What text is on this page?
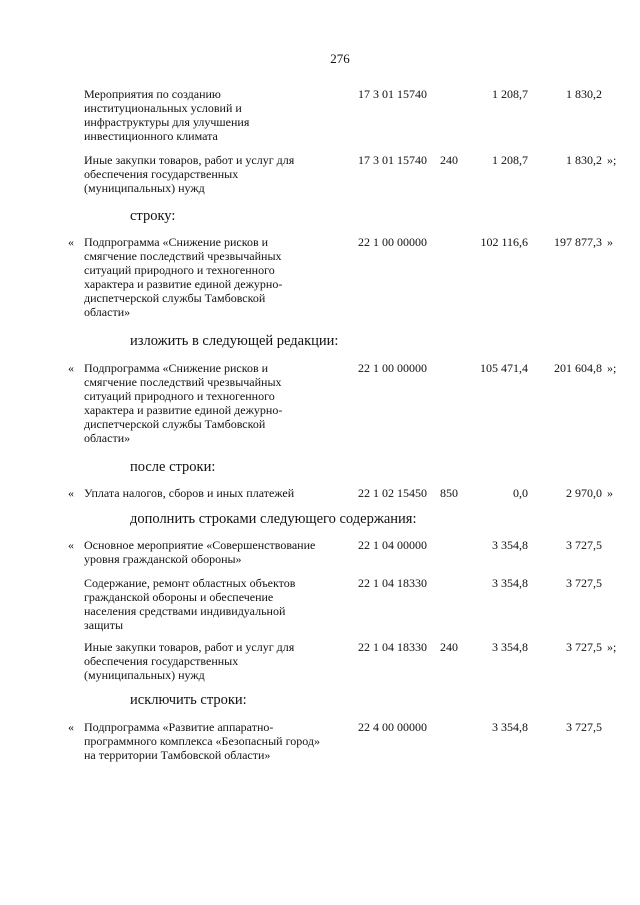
276
Мероприятия по созданию институциональных условий и инфраструктуры для улучшения инвестиционного климата
17 3 01 15740	1 208,7	1 830,2
Иные закупки товаров, работ и услуг для обеспечения государственных (муниципальных) нужд
17 3 01 15740 240	1 208,7	1 830,2 »;
строку:
« Подпрограмма «Снижение рисков и смягчение последствий чрезвычайных ситуаций природного и техногенного характера и развитие единой дежурно-диспетчерской службы Тамбовской области»
22 1 00 00000	102 116,6 197 877,3 »
изложить в следующей редакции:
« Подпрограмма «Снижение рисков и смягчение последствий чрезвычайных ситуаций природного и техногенного характера и развитие единой дежурно-диспетчерской службы Тамбовской области»
22 1 00 00000	105 471,4 201 604,8 »;
после строки:
« Уплата налогов, сборов и иных платежей	22 1 02 15450 850	0,0	2 970,0 »
дополнить строками следующего содержания:
« Основное мероприятие «Совершенствование уровня гражданской обороны»
22 1 04 00000	3 354,8	3 727,5
Содержание, ремонт областных объектов гражданской обороны и обеспечение населения средствами индивидуальной защиты
22 1 04 18330	3 354,8	3 727,5
Иные закупки товаров, работ и услуг для обеспечения государственных (муниципальных) нужд
22 1 04 18330 240	3 354,8	3 727,5 »;
исключить строки:
« Подпрограмма «Развитие аппаратно-программного комплекса «Безопасный город» на территории Тамбовской области»
22 4 00 00000	3 354,8	3 727,5
